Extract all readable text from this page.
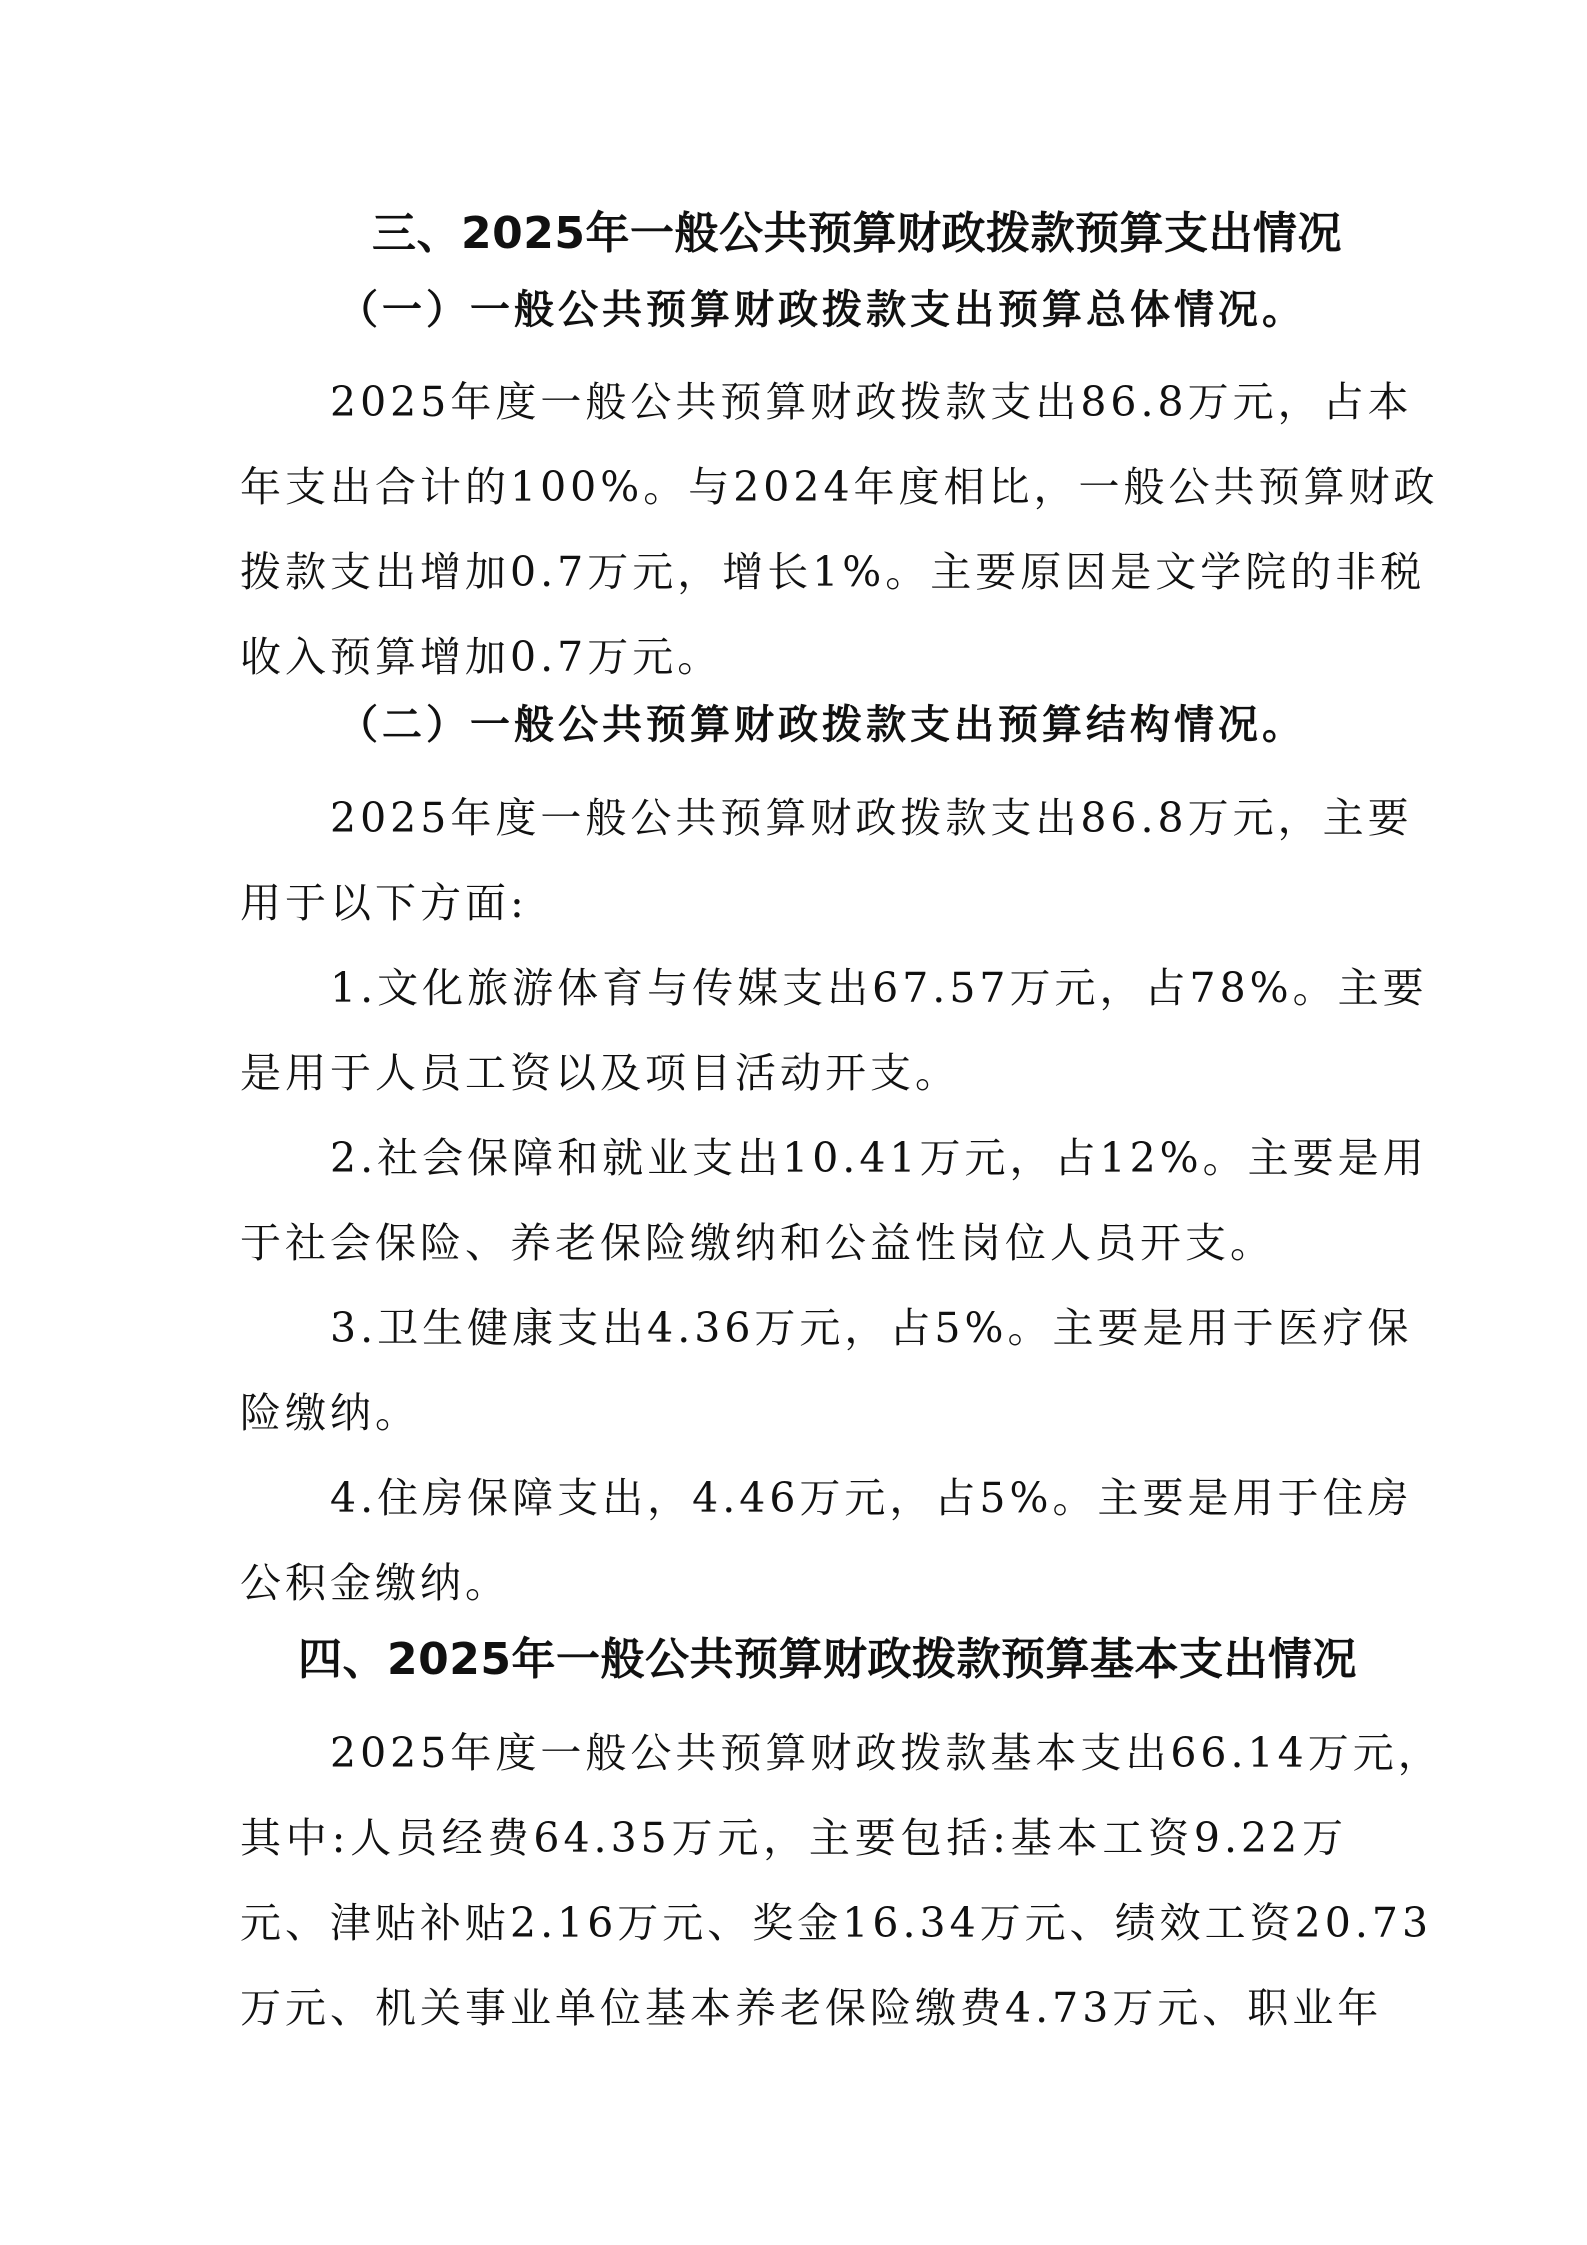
三、2025年一般公共预算财政拨款预算支出情况
（一）一般公共预算财政拨款支出预算总体情况。
2025年度一般公共预算财政拨款支出86.8万元，占本
年支出合计的100%。与2024年度相比，一般公共预算财政
拨款支出增加0.7万元，增长1%。主要原因是文学院的非税
收入预算增加0.7万元。
（二）一般公共预算财政拨款支出预算结构情况。
2025年度一般公共预算财政拨款支出86.8万元，主要
用于以下方面:
1.文化旅游体育与传媒支出67.57万元，占78%。主要
是用于人员工资以及项目活动开支。
2.社会保障和就业支出10.41万元，占12%。主要是用
于社会保险、养老保险缴纳和公益性岗位人员开支。
3.卫生健康支出4.36万元，占5%。主要是用于医疗保
险缴纳。
4.住房保障支出，4.46万元，占5%。主要是用于住房
公积金缴纳。
四、2025年一般公共预算财政拨款预算基本支出情况
2025年度一般公共预算财政拨款基本支出66.14万元，
其中:人员经费64.35万元，主要包括:基本工资9.22万
元、津贴补贴2.16万元、奖金16.34万元、绩效工资20.73
万元、机关事业单位基本养老保险缴费4.73万元、职业年
